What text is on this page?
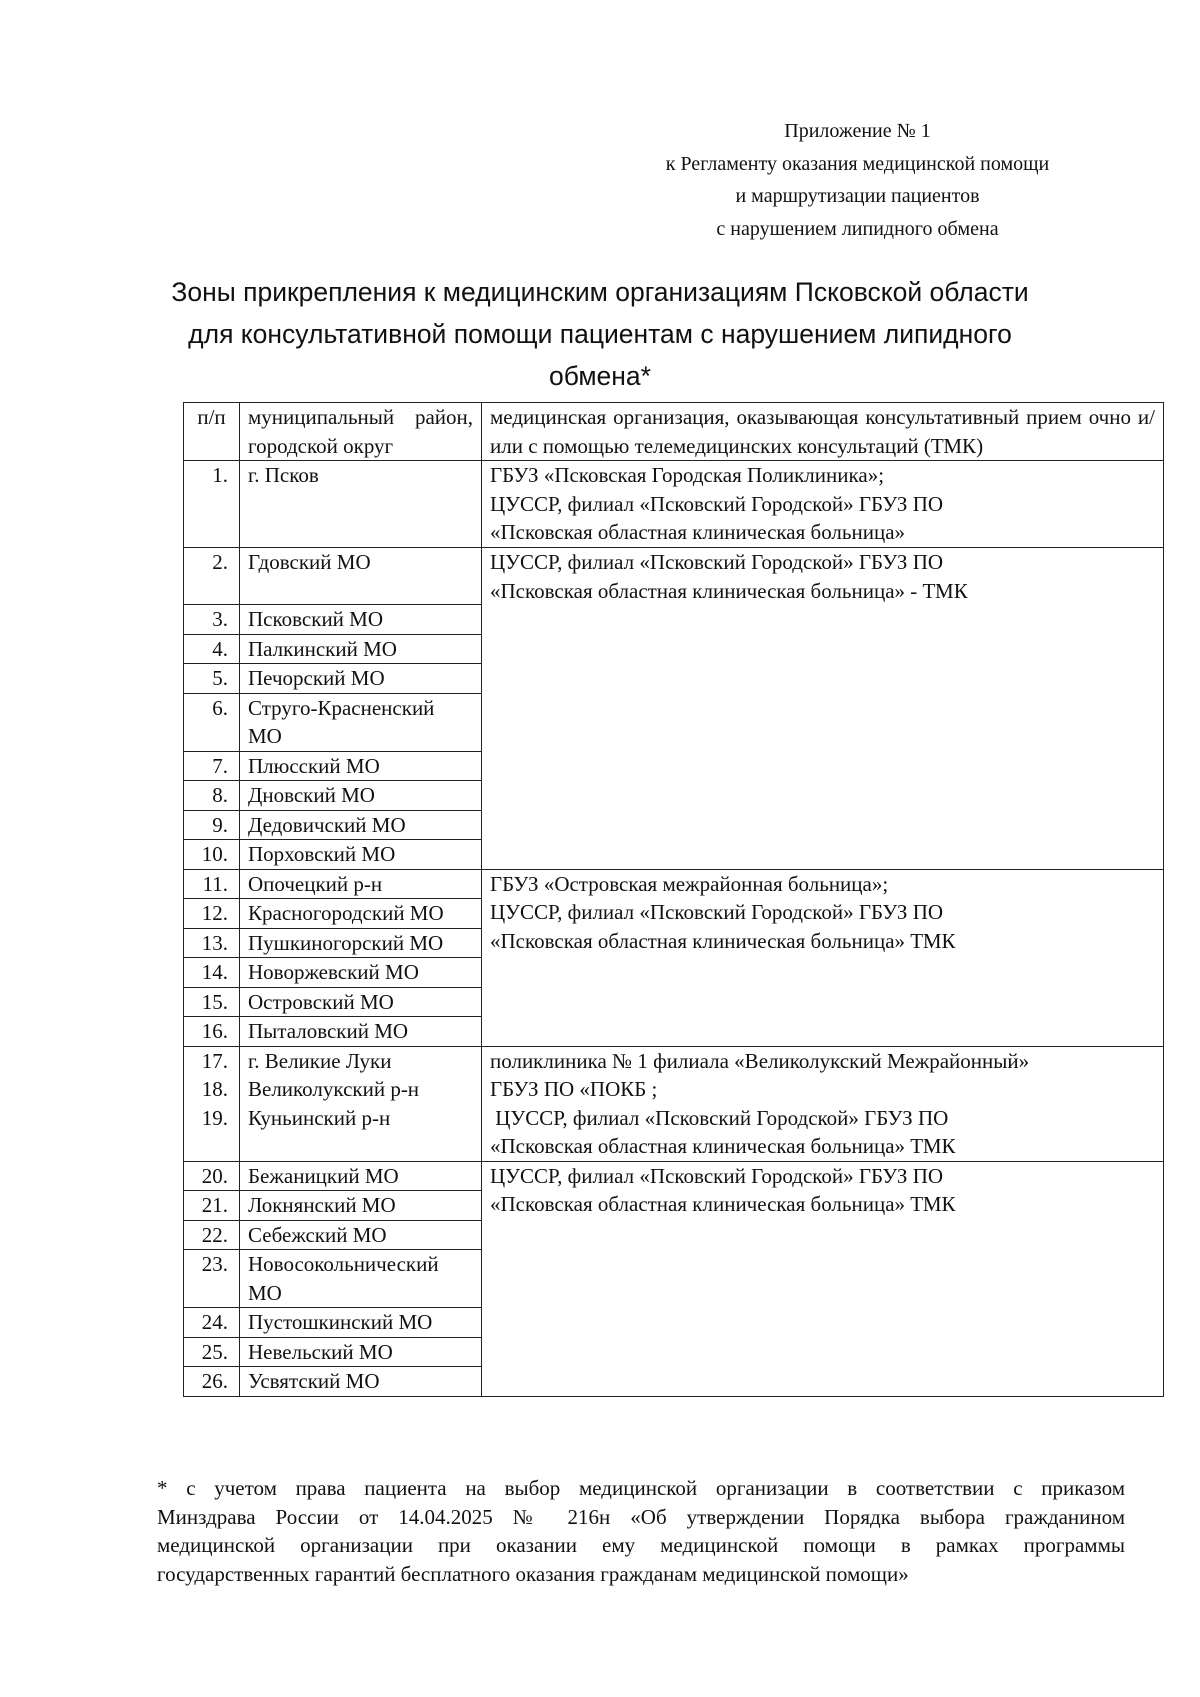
Приложение № 1
к Регламенту оказания медицинской помощи
и маршрутизации пациентов
с нарушением липидного обмена
Зоны прикрепления к медицинским организациям Псковской области
для консультативной помощи пациентам с нарушением липидного
обмена*
п/п	муниципальный район, городской округ	медицинская организация, оказывающая консультативный прием очно и/или с помощью телемедицинских консультаций (ТМК)
1.	г. Псков	ГБУЗ «Псковская Городская Поликлиника»;
ЦУССР, филиал «Псковский Городской» ГБУЗ ПО
«Псковская областная клиническая больница»

2.	Гдовский МО	ЦУССР, филиал «Псковский Городской» ГБУЗ ПО
«Псковская областная клиническая больница» - ТМК

3.	Псковский МО	
4.	Палкинский МО	
5.	Печорский МО	
6.	Струго-Красненский МО	
7.	Плюсский МО	
8.	Дновский МО	
9.	Дедовичский МО	
10.	Порховский МО	
11.	Опочецкий р-н	ГБУЗ «Островская межрайонная больница»;
ЦУССР, филиал «Псковский Городской» ГБУЗ ПО
«Псковская областная клиническая больница» ТМК

12.	Красногородский МО	
13.	Пушкиногорский МО	
14.	Новоржевский МО	
15.	Островский МО	
16.	Пыталовский МО	
17.	г. Великие Луки	поликлиника № 1 филиала «Великолукский Межрайонный»
ГБУЗ ПО «ПОКБ ;
ЦУССР, филиал «Псковский Городской» ГБУЗ ПО
«Псковская областная клиническая больница» ТМК

18.	Великолукский р-н	
19.	Куньинский р-н	
20.	Бежаницкий МО	ЦУССР, филиал «Псковский Городской» ГБУЗ ПО
«Псковская областная клиническая больница» ТМК

21.	Локнянский МО	
22.	Себежский МО	
23.	Новосокольнический МО	
24.	Пустошкинский МО	
25.	Невельский МО	
26.	Усвятский МО	
* с учетом права пациента на выбор медицинской организации в соответствии с приказом
Минздрава России от 14.04.2025 № 216н «Об утверждении Порядка выбора гражданином
медицинской организации при оказании ему медицинской помощи в рамках программы
государственных гарантий бесплатного оказания гражданам медицинской помощи»
